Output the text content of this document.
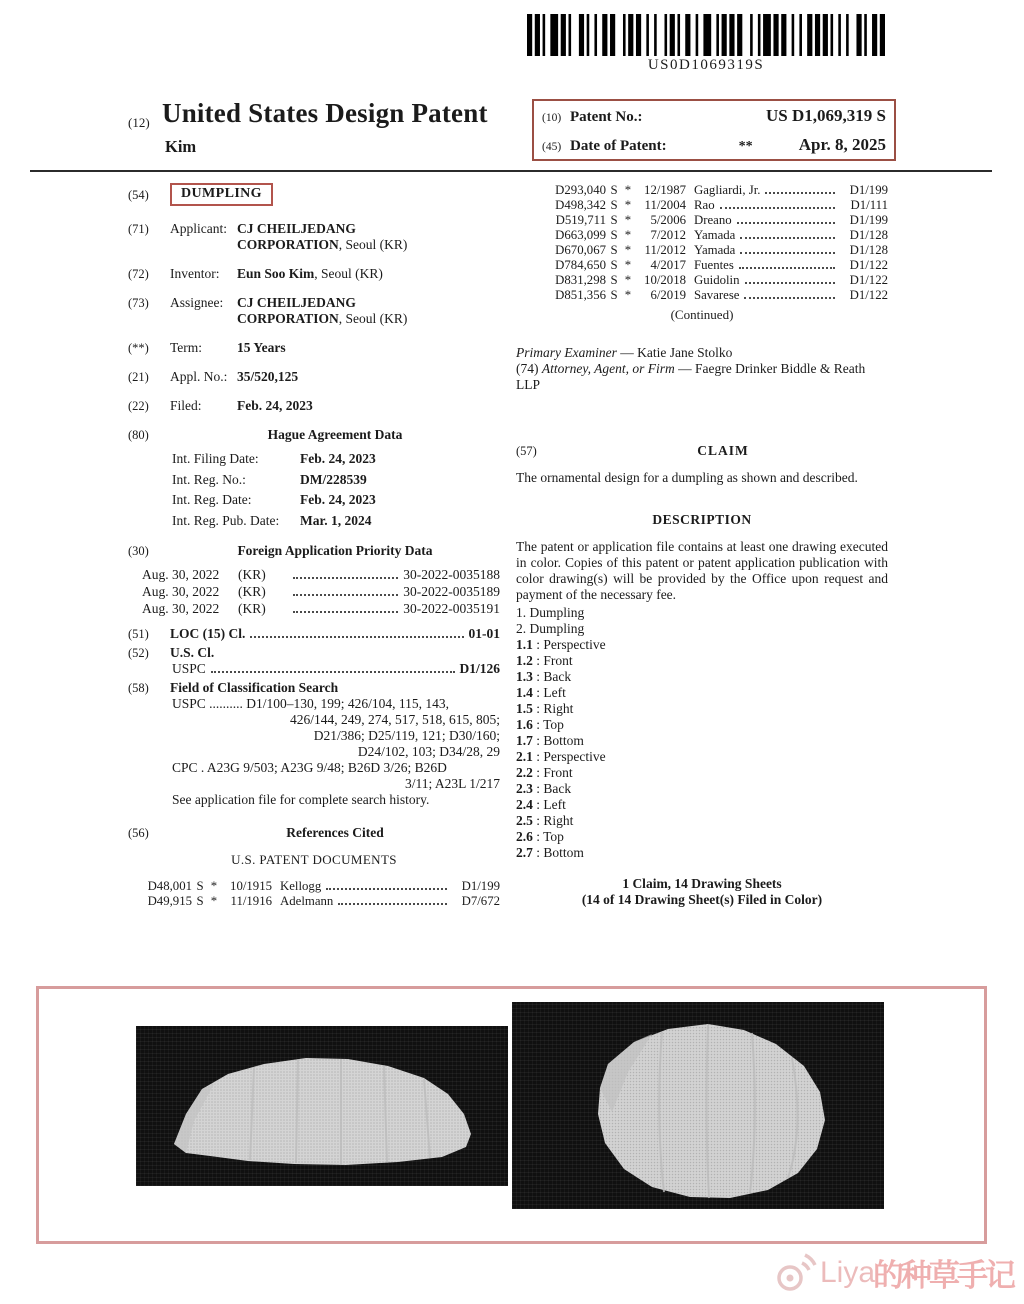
US0D1069319S
(12) United States Design Patent
Kim
(10) Patent No.:	US D1,069,319 S
(45) Date of Patent:	**	Apr. 8, 2025
(54)	DUMPLING
(71)	Applicant: CJ CHEILJEDANG CORPORATION, Seoul (KR)
(72)	Inventor:	Eun Soo Kim, Seoul (KR)
(73)	Assignee:	CJ CHEILJEDANG CORPORATION, Seoul (KR)
(**)	Term:	15 Years
(21)	Appl. No.: 35/520,125
(22)	Filed:	Feb. 24, 2023
(80)	Hague Agreement Data
Int. Filing Date:	Feb. 24, 2023
Int. Reg. No.:	DM/228539
Int. Reg. Date:	Feb. 24, 2023
Int. Reg. Pub. Date:	Mar. 1, 2024
(30)	Foreign Application Priority Data
Aug. 30, 2022	(KR)	30-2022-0035188
Aug. 30, 2022	(KR)	30-2022-0035189
Aug. 30, 2022	(KR)	30-2022-0035191
(51)	LOC (15) Cl.	01-01
(52)	U.S. Cl.
USPC	D1/126
(58)	Field of Classification Search
USPC .......... D1/100–130, 199; 426/104, 115, 143,
426/144, 249, 274, 517, 518, 615, 805;
D21/386; D25/119, 121; D30/160;
D24/102, 103; D34/28, 29
CPC . A23G 9/503; A23G 9/48; B26D 3/26; B26D
3/11; A23L 1/217
See application file for complete search history.
(56)	References Cited
U.S. PATENT DOCUMENTS
D48,001 S *	10/1915 Kellogg	D1/199
D49,915 S *	11/1916 Adelmann	D7/672
D293,040 S *	12/1987 Gagliardi, Jr.	D1/199
D498,342 S *	11/2004 Rao	D1/111
D519,711 S *	5/2006 Dreano	D1/199
D663,099 S *	7/2012 Yamada	D1/128
D670,067 S *	11/2012 Yamada	D1/128
D784,650 S *	4/2017 Fuentes	D1/122
D831,298 S *	10/2018 Guidolin	D1/122
D851,356 S *	6/2019 Savarese	D1/122
(Continued)
Primary Examiner — Katie Jane Stolko
(74) Attorney, Agent, or Firm — Faegre Drinker Biddle & Reath LLP
(57)	CLAIM
The ornamental design for a dumpling as shown and described.
DESCRIPTION
The patent or application file contains at least one drawing executed in color. Copies of this patent or patent application publication with color drawing(s) will be provided by the Office upon request and payment of the necessary fee.
1. Dumpling
2. Dumpling
1.1 : Perspective
1.2 : Front
1.3 : Back
1.4 : Left
1.5 : Right
1.6 : Top
1.7 : Bottom
2.1 : Perspective
2.2 : Front
2.3 : Back
2.4 : Left
2.5 : Right
2.6 : Top
2.7 : Bottom
1 Claim, 14 Drawing Sheets
(14 of 14 Drawing Sheet(s) Filed in Color)
Liya
的种草手记
